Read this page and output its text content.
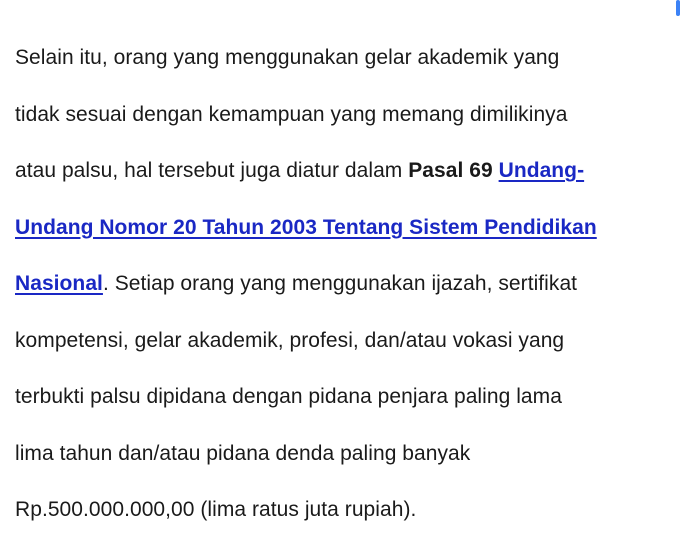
Selain itu, orang yang menggunakan gelar akademik yang
tidak sesuai dengan kemampuan yang memang dimilikinya
atau palsu, hal tersebut juga diatur dalam Pasal 69 Undang-
Undang Nomor 20 Tahun 2003 Tentang Sistem Pendidikan
Nasional. Setiap orang yang menggunakan ijazah, sertifikat
kompetensi, gelar akademik, profesi, dan/atau vokasi yang
terbukti palsu dipidana dengan pidana penjara paling lama
lima tahun dan/atau pidana denda paling banyak
Rp.500.000.000,00 (lima ratus juta rupiah).
